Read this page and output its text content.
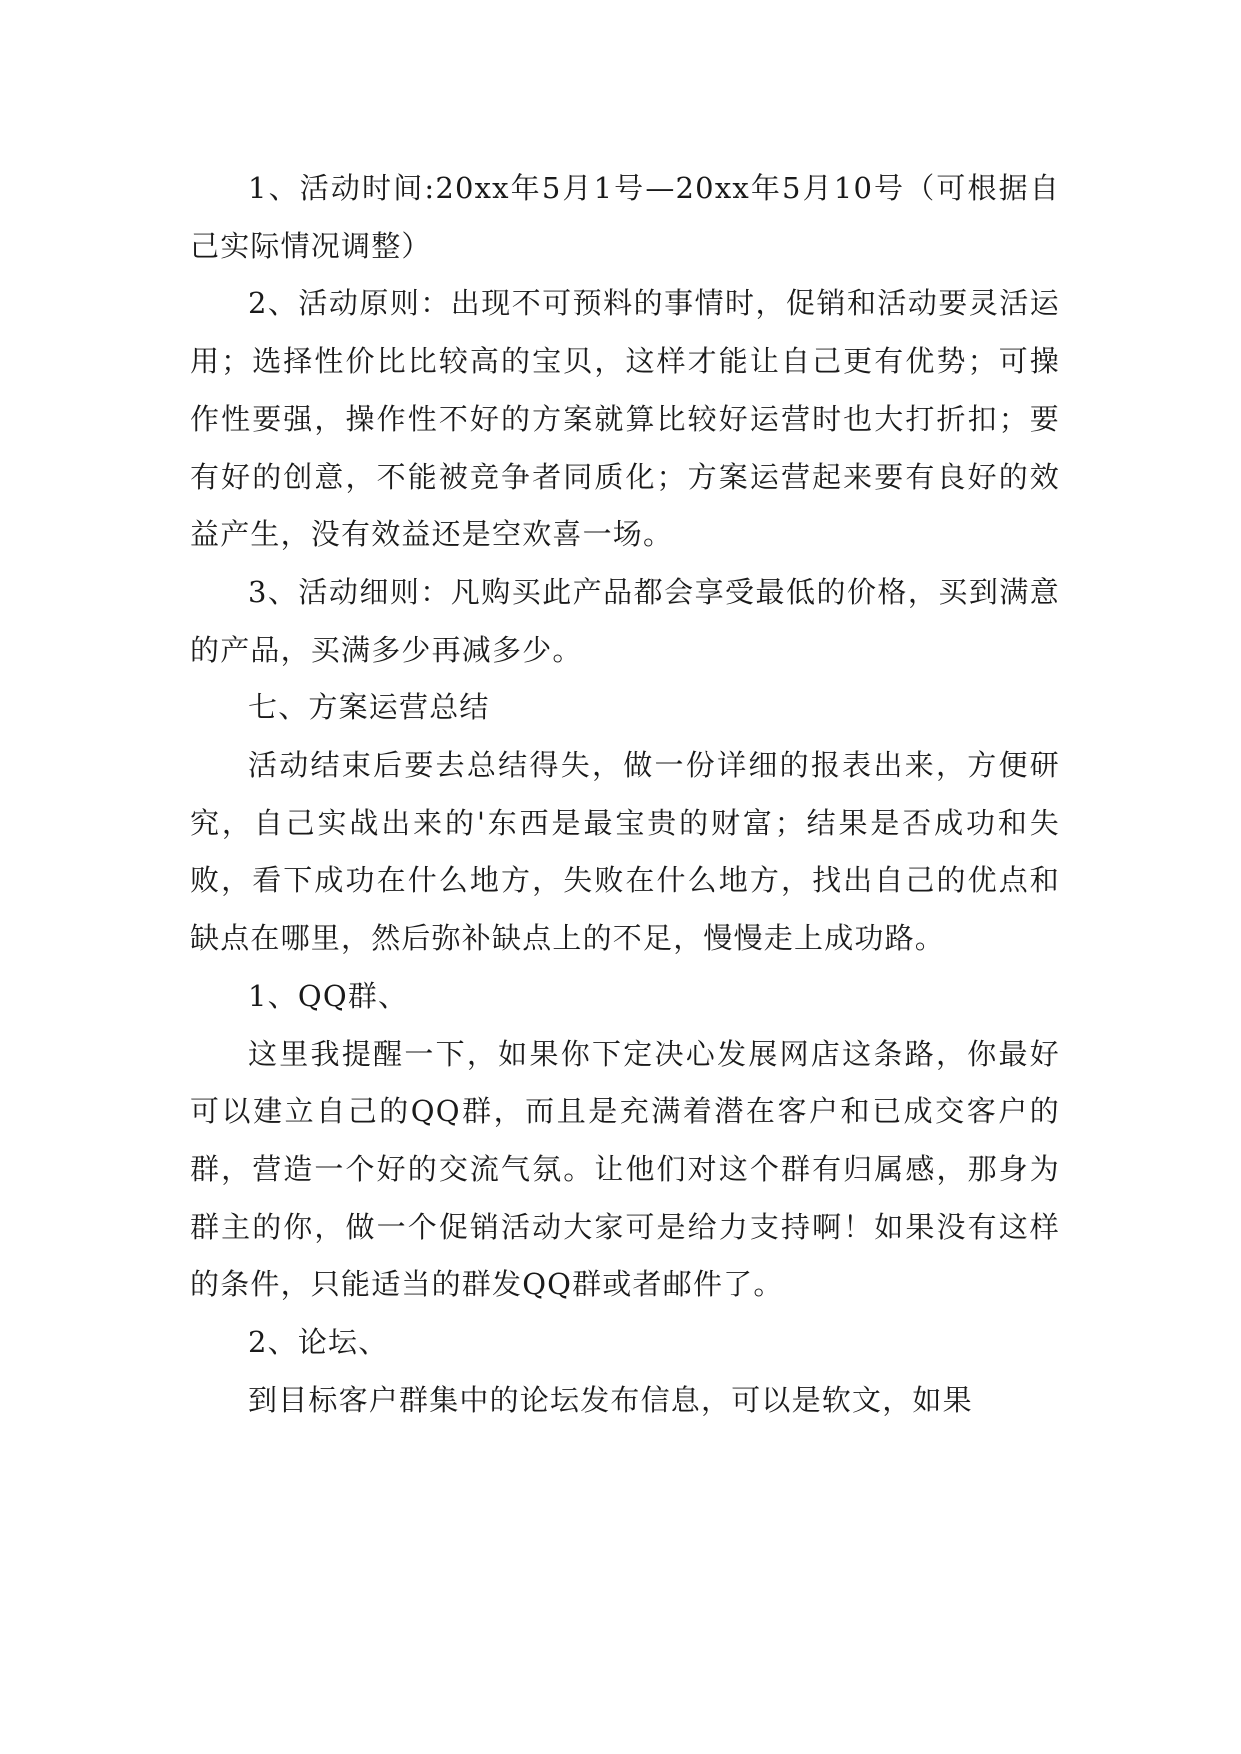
1、活动时间:20xx年5月1号—20xx年5月10号（可根据自己实际情况调整）

2、活动原则：出现不可预料的事情时，促销和活动要灵活运用；选择性价比比较高的宝贝，这样才能让自己更有优势；可操作性要强，操作性不好的方案就算比较好运营时也大打折扣；要有好的创意，不能被竞争者同质化；方案运营起来要有良好的效益产生，没有效益还是空欢喜一场。

3、活动细则：凡购买此产品都会享受最低的价格，买到满意的产品，买满多少再减多少。

七、方案运营总结

活动结束后要去总结得失，做一份详细的报表出来，方便研究，自己实战出来的'东西是最宝贵的财富；结果是否成功和失败，看下成功在什么地方，失败在什么地方，找出自己的优点和缺点在哪里，然后弥补缺点上的不足，慢慢走上成功路。

1、QQ群、

这里我提醒一下，如果你下定决心发展网店这条路，你最好可以建立自己的QQ群，而且是充满着潜在客户和已成交客户的群，营造一个好的交流气氛。让他们对这个群有归属感，那身为群主的你，做一个促销活动大家可是给力支持啊！如果没有这样的条件，只能适当的群发QQ群或者邮件了。

2、论坛、

到目标客户群集中的论坛发布信息，可以是软文，如果
